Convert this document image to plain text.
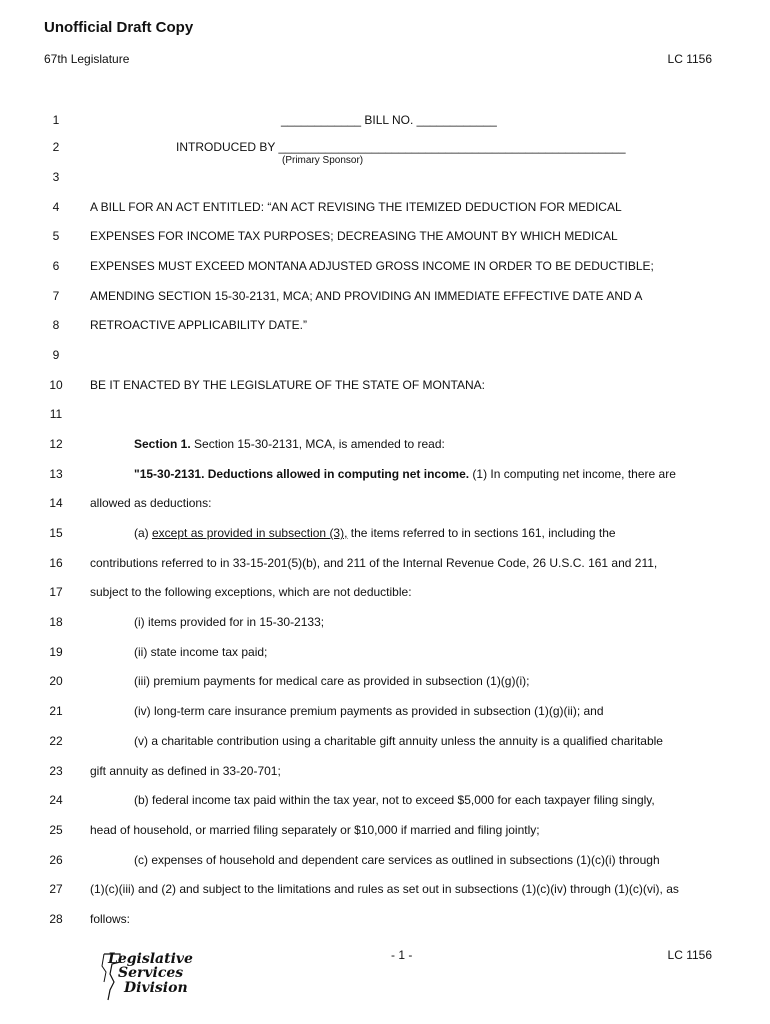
Unofficial Draft Copy
67th Legislature	LC 1156
1
2
3
4
5
6
7
8
9
10
11
12
13
14
15
16
17
18
19
20
21
22
23
24
25
26
27
28
____________ BILL NO. ____________
INTRODUCED BY ____________________________________________________
(Primary Sponsor)
A BILL FOR AN ACT ENTITLED: “AN ACT REVISING THE ITEMIZED DEDUCTION FOR MEDICAL
EXPENSES FOR INCOME TAX PURPOSES; DECREASING THE AMOUNT BY WHICH MEDICAL
EXPENSES MUST EXCEED MONTANA ADJUSTED GROSS INCOME IN ORDER TO BE DEDUCTIBLE;
AMENDING SECTION 15-30-2131, MCA; AND PROVIDING AN IMMEDIATE EFFECTIVE DATE AND A
RETROACTIVE APPLICABILITY DATE.”
BE IT ENACTED BY THE LEGISLATURE OF THE STATE OF MONTANA:
Section 1. Section 15-30-2131, MCA, is amended to read:
"15-30-2131. Deductions allowed in computing net income. (1) In computing net income, there are
allowed as deductions:
(a) except as provided in subsection (3), the items referred to in sections 161, including the
contributions referred to in 33-15-201(5)(b), and 211 of the Internal Revenue Code, 26 U.S.C. 161 and 211,
subject to the following exceptions, which are not deductible:
(i) items provided for in 15-30-2133;
(ii) state income tax paid;
(iii) premium payments for medical care as provided in subsection (1)(g)(i);
(iv) long-term care insurance premium payments as provided in subsection (1)(g)(ii); and
(v) a charitable contribution using a charitable gift annuity unless the annuity is a qualified charitable
gift annuity as defined in 33-20-701;
(b) federal income tax paid within the tax year, not to exceed $5,000 for each taxpayer filing singly,
head of household, or married filing separately or $10,000 if married and filing jointly;
(c) expenses of household and dependent care services as outlined in subsections (1)(c)(i) through
(1)(c)(iii) and (2) and subject to the limitations and rules as set out in subsections (1)(c)(iv) through (1)(c)(vi), as
follows:
Legislative
Services
Division
- 1 -	LC 1156
